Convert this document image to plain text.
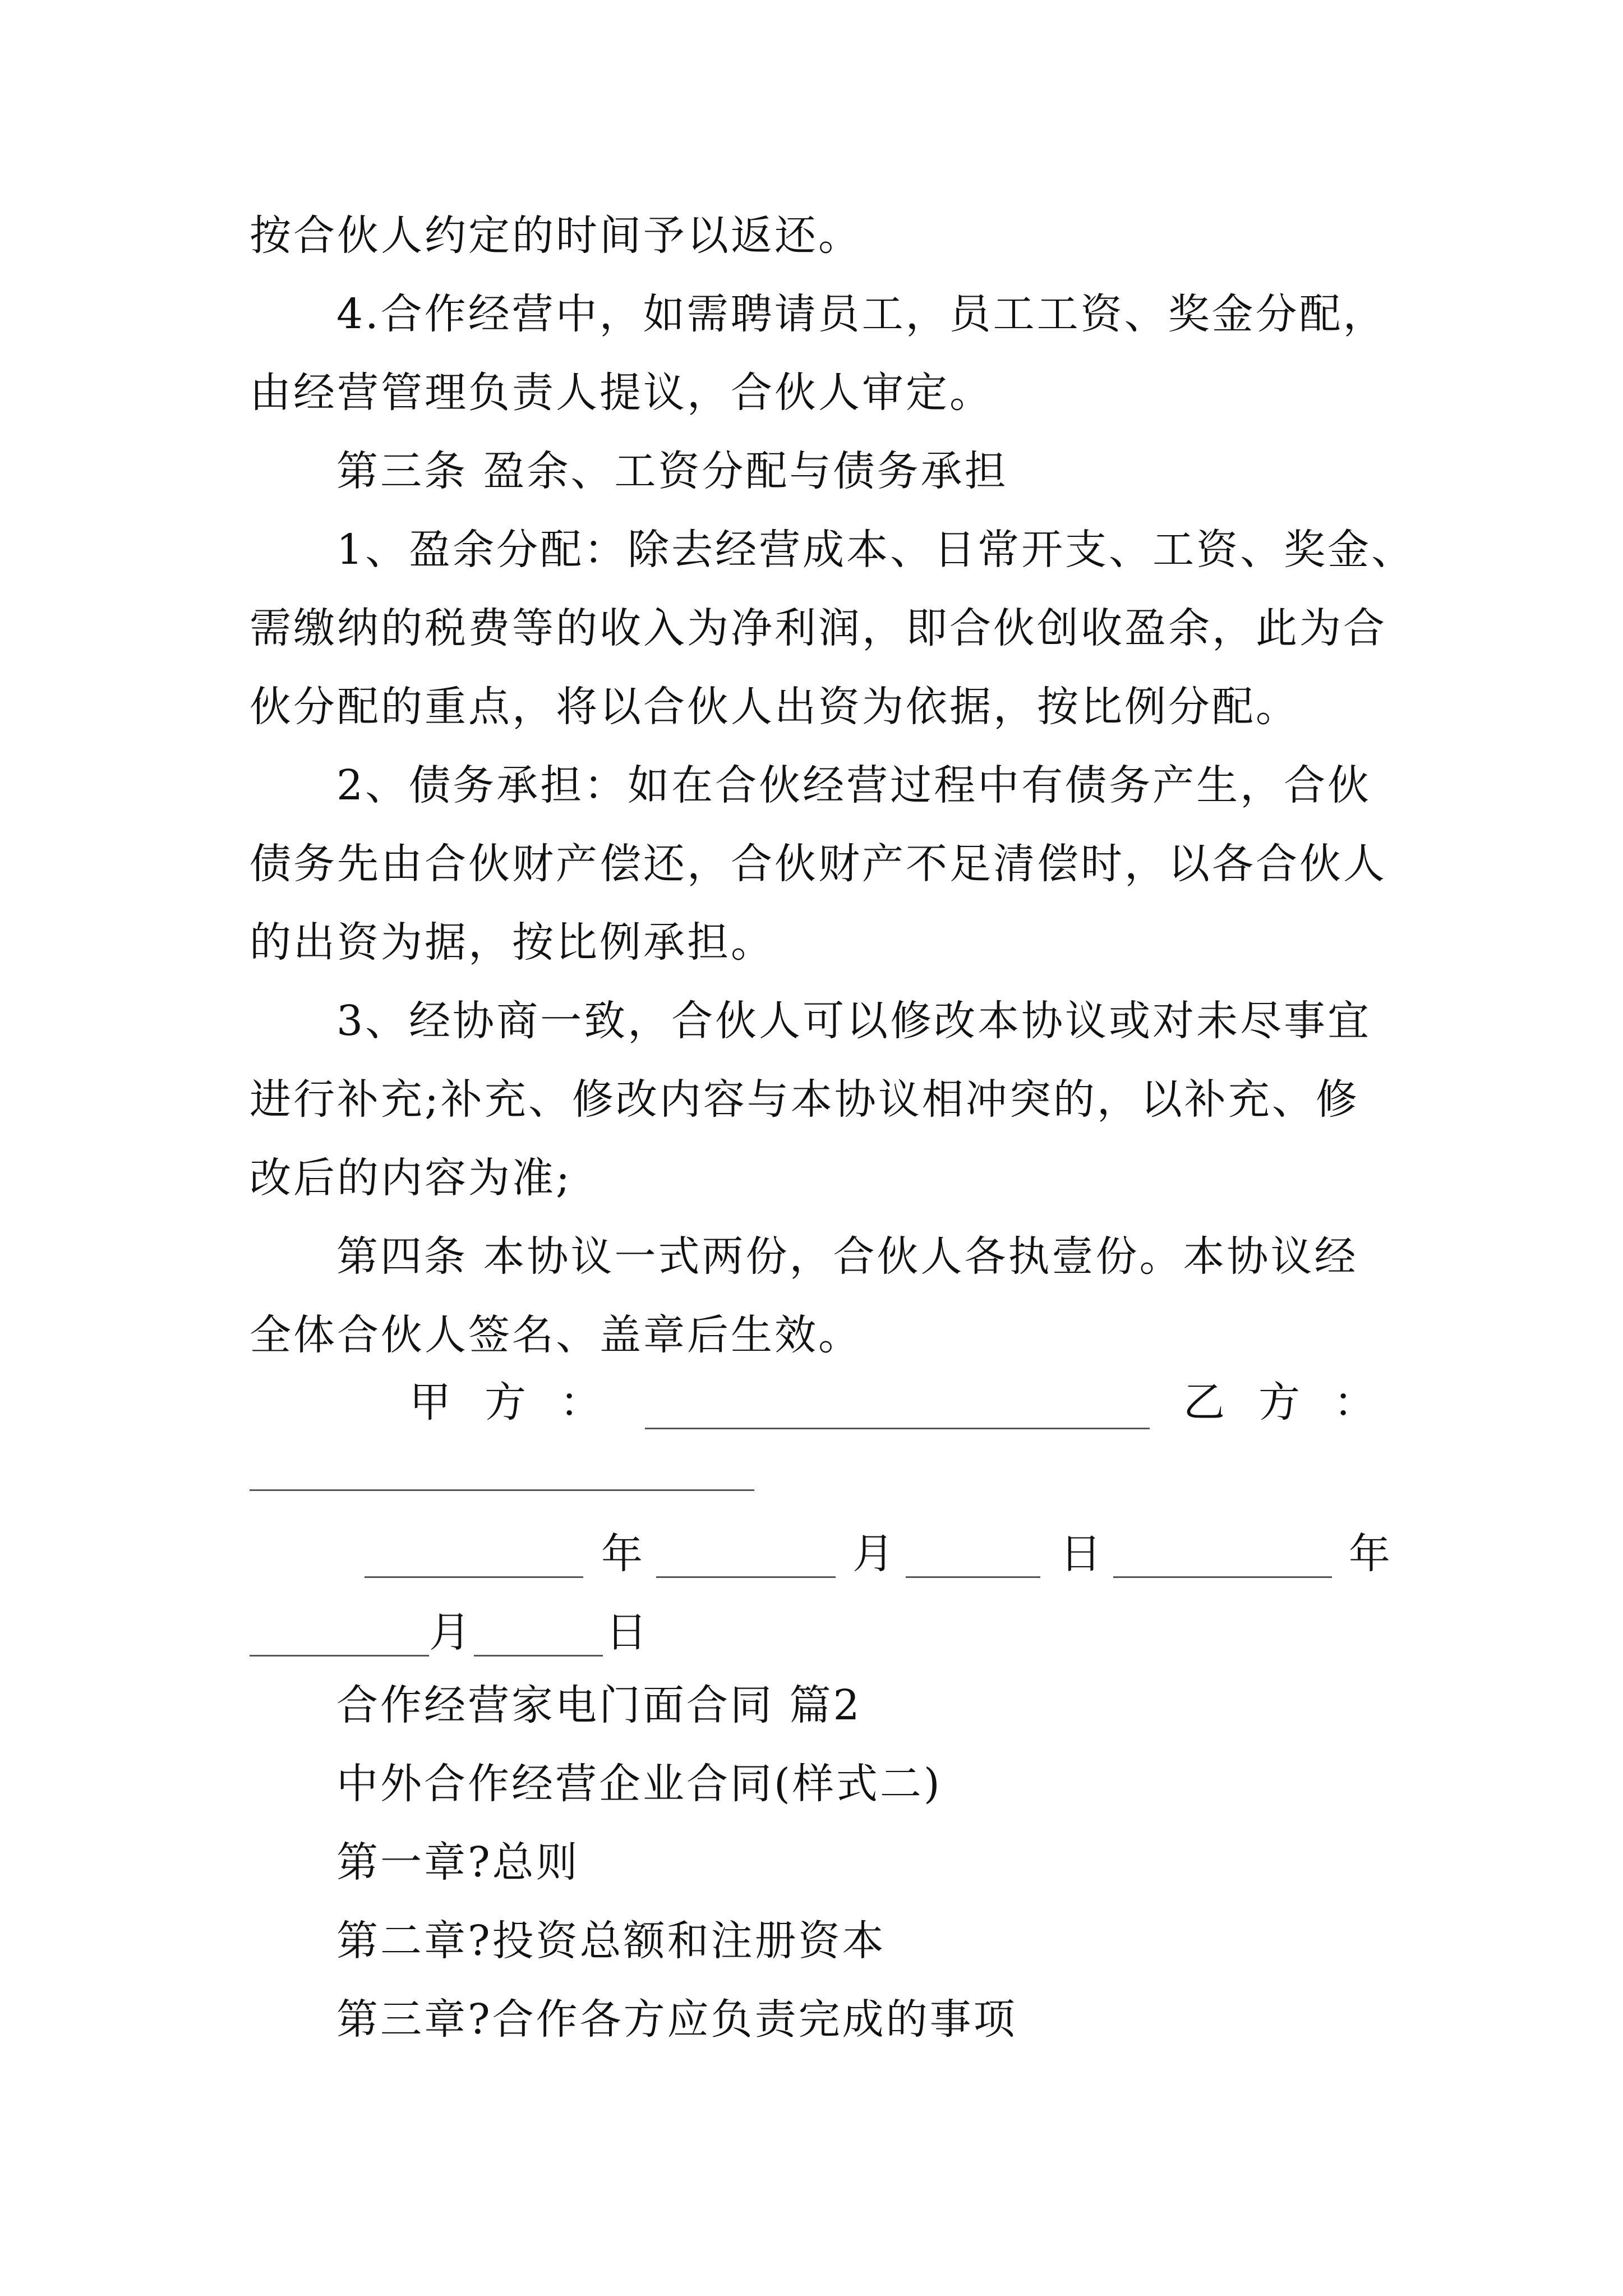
按合伙人约定的时间予以返还。
4.合作经营中，如需聘请员工，员工工资、奖金分配，
由经营管理负责人提议，合伙人审定。
第三条 盈余、工资分配与债务承担
1、盈余分配：除去经营成本、日常开支、工资、奖金、
需缴纳的税费等的收入为净利润，即合伙创收盈余，此为合
伙分配的重点，将以合伙人出资为依据，按比例分配。
2、债务承担：如在合伙经营过程中有债务产生，合伙
债务先由合伙财产偿还，合伙财产不足清偿时，以各合伙人
的出资为据，按比例承担。
3、经协商一致，合伙人可以修改本协议或对未尽事宜
进行补充;补充、修改内容与本协议相冲突的，以补充、修
改后的内容为准;
第四条 本协议一式两份，合伙人各执壹份。本协议经
全体合伙人签名、盖章后生效。
甲方：	乙方：
年	月	日	年
月	日
合作经营家电门面合同 篇2
中外合作经营企业合同(样式二)
第一章?总则
第二章?投资总额和注册资本
第三章?合作各方应负责完成的事项
